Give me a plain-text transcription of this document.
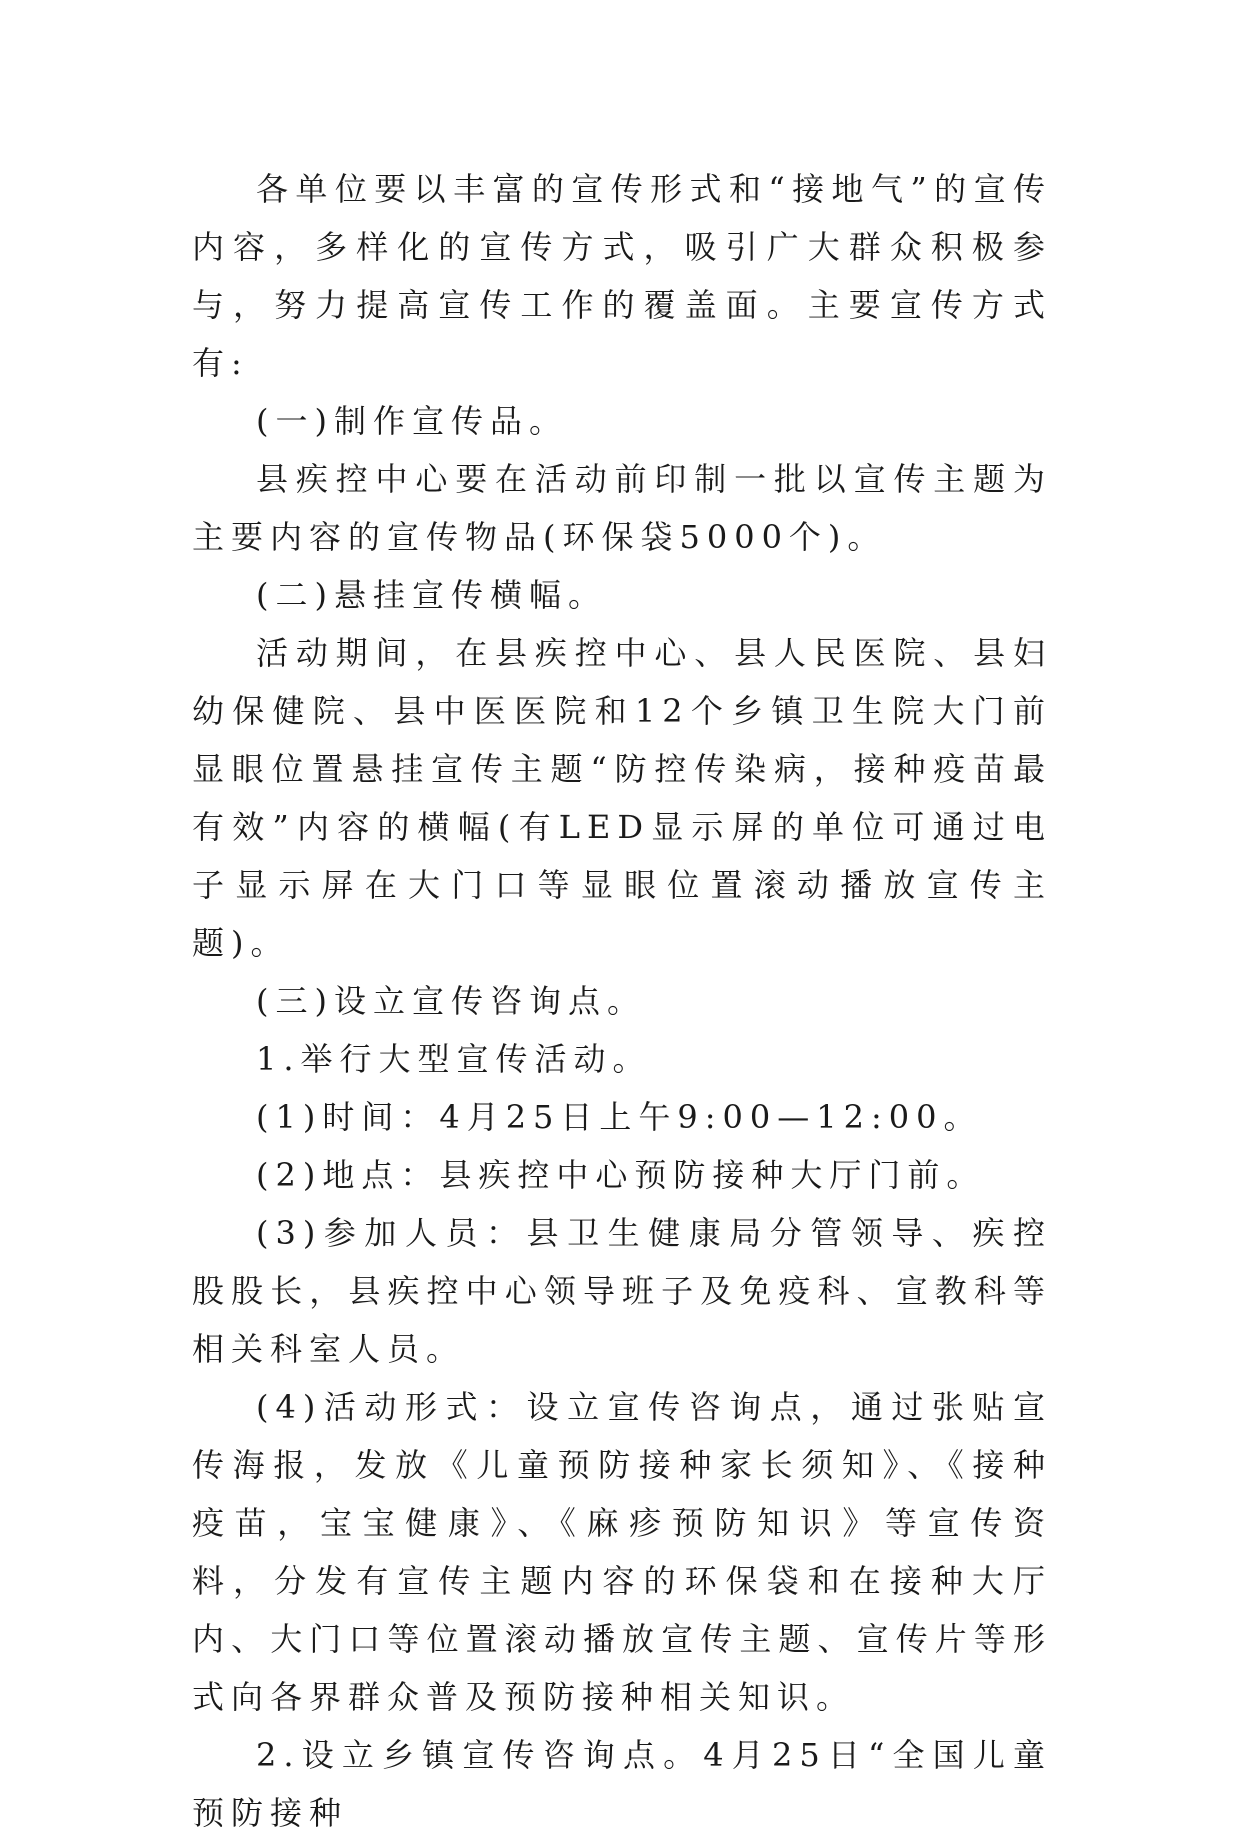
各单位要以丰富的宣传形式和“接地气”的宣传内容，多样化的宣传方式，吸引广大群众积极参与，努力提高宣传工作的覆盖面。主要宣传方式有:

(一)制作宣传品。

县疾控中心要在活动前印制一批以宣传主题为主要内容的宣传物品(环保袋5000个)。

(二)悬挂宣传横幅。

活动期间，在县疾控中心、县人民医院、县妇幼保健院、县中医医院和12个乡镇卫生院大门前显眼位置悬挂宣传主题“防控传染病，接种疫苗最有效”内容的横幅(有LED显示屏的单位可通过电子显示屏在大门口等显眼位置滚动播放宣传主题)。

(三)设立宣传咨询点。

1.举行大型宣传活动。

(1)时间：4月25日上午9:00—12:00。

(2)地点：县疾控中心预防接种大厅门前。

(3)参加人员：县卫生健康局分管领导、疾控股股长，县疾控中心领导班子及免疫科、宣教科等相关科室人员。

(4)活动形式：设立宣传咨询点，通过张贴宣传海报，发放《儿童预防接种家长须知》、《接种疫苗，宝宝健康》、《麻疹预防知识》等宣传资料，分发有宣传主题内容的环保袋和在接种大厅内、大门口等位置滚动播放宣传主题、宣传片等形式向各界群众普及预防接种相关知识。

2.设立乡镇宣传咨询点。4月25日“全国儿童预防接种
